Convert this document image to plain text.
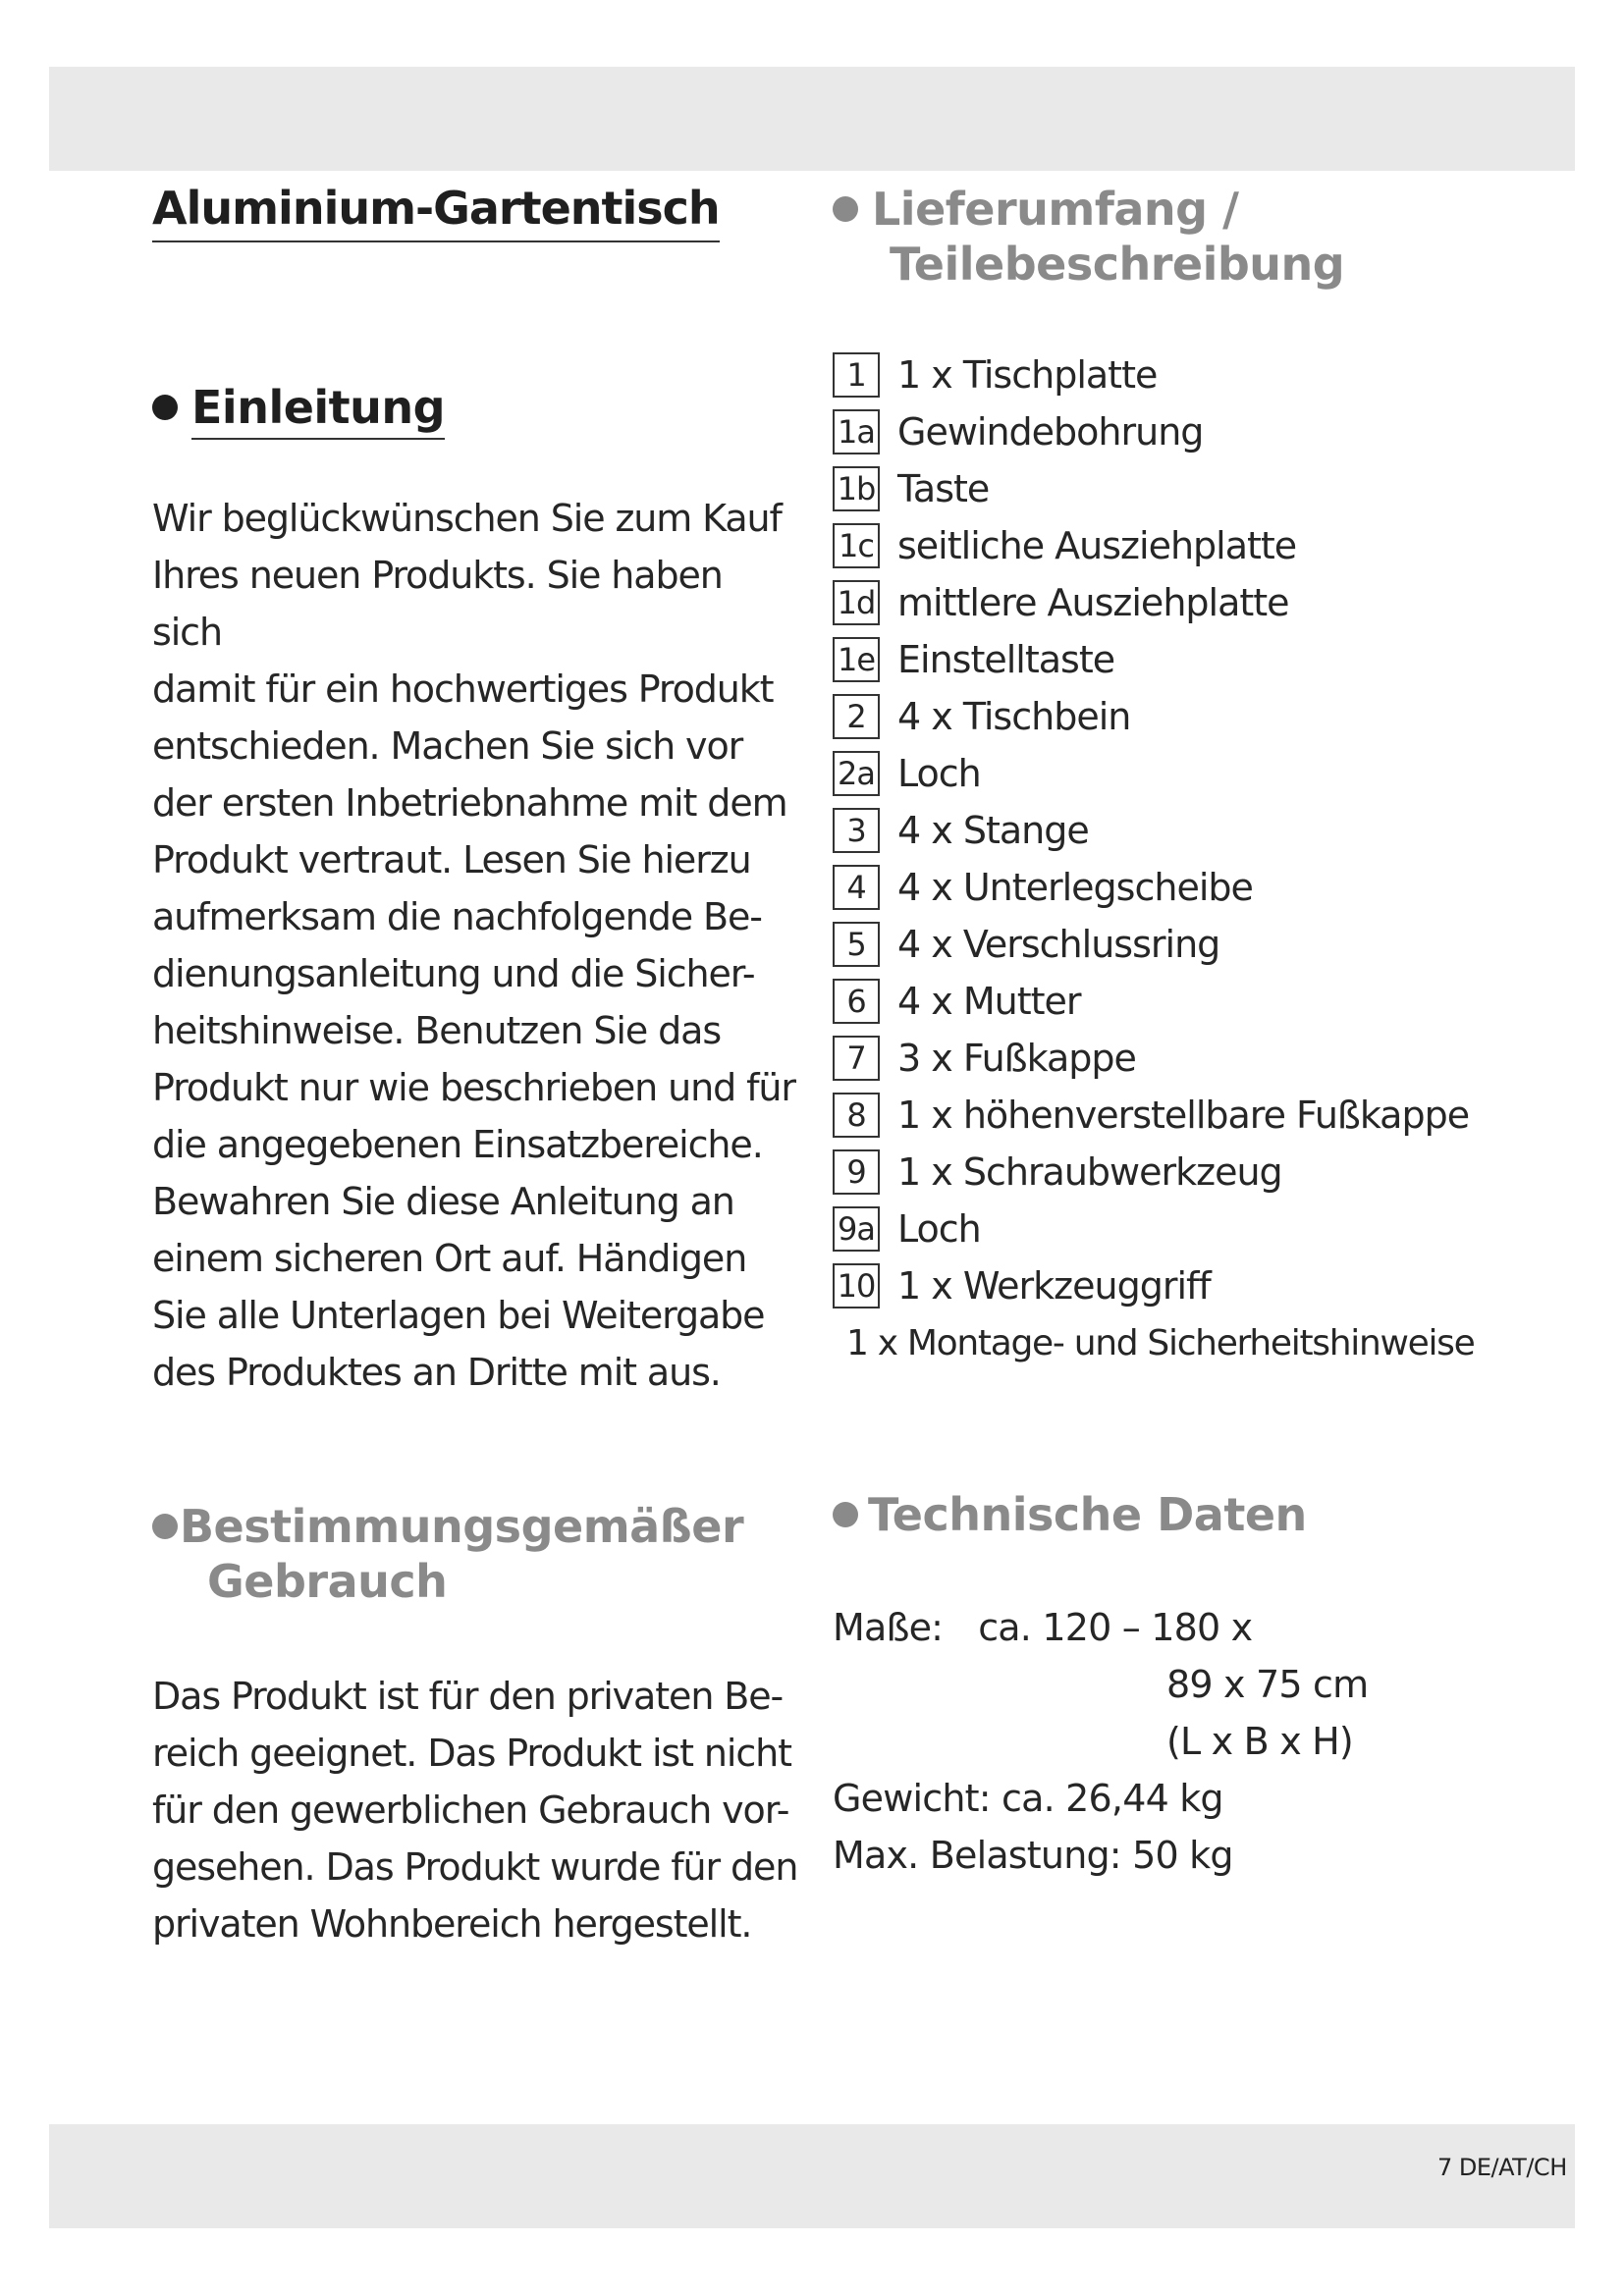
7 DE/AT/CH
Aluminium-Gartentisch
Einleitung

Wir beglückwünschen Sie zum Kauf

Ihres neuen Produkts. Sie haben sich

damit für ein hochwertiges Produkt

entschieden. Machen Sie sich vor

der ersten Inbetriebnahme mit dem

Produkt vertraut. Lesen Sie hierzu

aufmerksam die nachfolgende Be-

dienungsanleitung und die Sicher-

heitshinweise. Benutzen Sie das

Produkt nur wie beschrieben und für

die angegebenen Einsatzbereiche.

Bewahren Sie diese Anleitung an

einem sicheren Ort auf. Händigen

Sie alle Unterlagen bei Weitergabe

des Produktes an Dritte mit aus.

Bestimmungsgemäßer
Gebrauch

Das Produkt ist für den privaten Be-

reich geeignet. Das Produkt ist nicht

für den gewerblichen Gebrauch vor-

gesehen. Das Produkt wurde für den

privaten Wohnbereich hergestellt.

Lieferumfang /
Teilebeschreibung
1 1 x Tischplatte
1a Gewindebohrung
1b Taste
1c seitliche Ausziehplatte
1d mittlere Ausziehplatte
1e Einstelltaste
2 4 x Tischbein
2a Loch
3 4 x Stange
4 4 x Unterlegscheibe
5 4 x Verschlussring
6 4 x Mutter
7 3 x Fußkappe
8 1 x höhenverstellbare Fußkappe
9 1 x Schraubwerkzeug
9a Loch
10 1 x Werkzeuggriff
1 x Montage- und Sicherheitshinweise
Technische Daten

Maße: ca. 120 – 180 x

89 x 75 cm

(L x B x H)

Gewicht: ca. 26,44 kg

Max. Belastung: 50 kg
